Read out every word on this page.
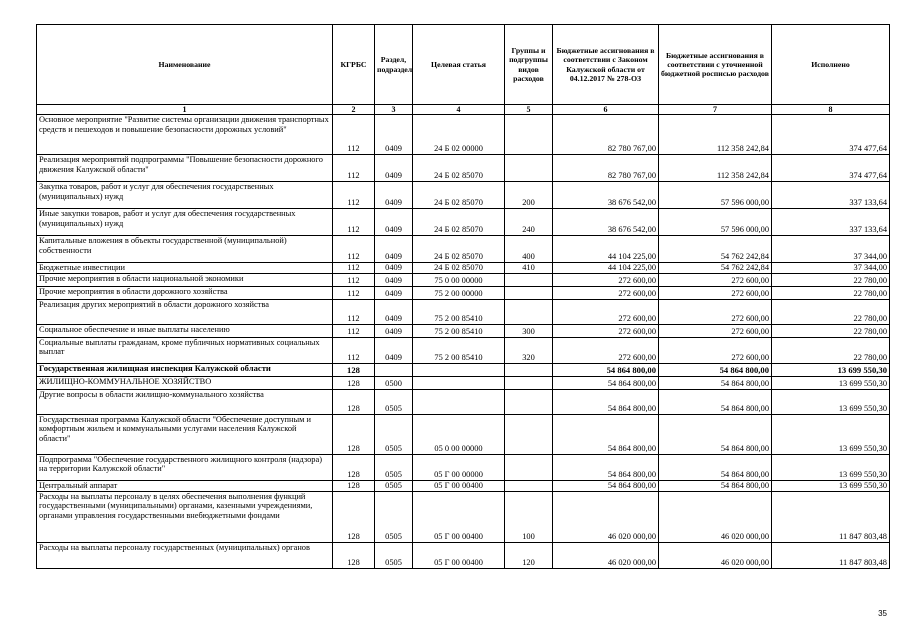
Наименование	КГРБС	Раздел, подраздел	Целевая статья	Группы и подгруппы видов расходов	Бюджетные ассигнования в соответствии с Законом Калужской области от 04.12.2017 № 278-ОЗ	Бюджетные ассигнования в соответствии с уточненной бюджетной росписью расходов	Исполнено
1	2	3	4	5	6	7	8
Основное мероприятие "Развитие системы организации движения транспортных средств и пешеходов и повышение безопасности дорожных условий"	112	0409	24 Б 02 00000		82 780 767,00	112 358 242,84	374 477,64
Реализация мероприятий подпрограммы "Повышение безопасности дорожного движения Калужской области"	112	0409	24 Б 02 85070		82 780 767,00	112 358 242,84	374 477,64
Закупка товаров, работ и услуг для обеспечения государственных (муниципальных) нужд	112	0409	24 Б 02 85070	200	38 676 542,00	57 596 000,00	337 133,64
Иные закупки товаров, работ и услуг для обеспечения государственных (муниципальных) нужд	112	0409	24 Б 02 85070	240	38 676 542,00	57 596 000,00	337 133,64
Капитальные вложения в объекты государственной (муниципальной) собственности	112	0409	24 Б 02 85070	400	44 104 225,00	54 762 242,84	37 344,00
Бюджетные инвестиции	112	0409	24 Б 02 85070	410	44 104 225,00	54 762 242,84	37 344,00
Прочие мероприятия в области национальной экономики	112	0409	75 0 00 00000		272 600,00	272 600,00	22 780,00
Прочие мероприятия в области дорожного хозяйства	112	0409	75 2 00 00000		272 600,00	272 600,00	22 780,00
Реализация других мероприятий в области дорожного хозяйства	112	0409	75 2 00 85410		272 600,00	272 600,00	22 780,00
Социальное обеспечение и иные выплаты населению	112	0409	75 2 00 85410	300	272 600,00	272 600,00	22 780,00
Социальные выплаты гражданам, кроме публичных нормативных социальных выплат	112	0409	75 2 00 85410	320	272 600,00	272 600,00	22 780,00
Государственная жилищная инспекция Калужской области	128				54 864 800,00	54 864 800,00	13 699 550,30
ЖИЛИЩНО-КОММУНАЛЬНОЕ ХОЗЯЙСТВО	128	0500			54 864 800,00	54 864 800,00	13 699 550,30
Другие вопросы в области жилищно-коммунального хозяйства	128	0505			54 864 800,00	54 864 800,00	13 699 550,30
Государственная программа Калужской области "Обеспечение доступным и комфортным жильем и коммунальными услугами населения Калужской области"	128	0505	05 0 00 00000		54 864 800,00	54 864 800,00	13 699 550,30
Подпрограмма "Обеспечение государственного жилищного контроля (надзора) на территории Калужской области"	128	0505	05 Г 00 00000		54 864 800,00	54 864 800,00	13 699 550,30
Центральный аппарат	128	0505	05 Г 00 00400		54 864 800,00	54 864 800,00	13 699 550,30
Расходы на выплаты персоналу в целях обеспечения выполнения функций государственными (муниципальными) органами, казенными учреждениями, органами управления государственными внебюджетными фондами	128	0505	05 Г 00 00400	100	46 020 000,00	46 020 000,00	11 847 803,48
Расходы на выплаты персоналу государственных (муниципальных) органов	128	0505	05 Г 00 00400	120	46 020 000,00	46 020 000,00	11 847 803,48
35
